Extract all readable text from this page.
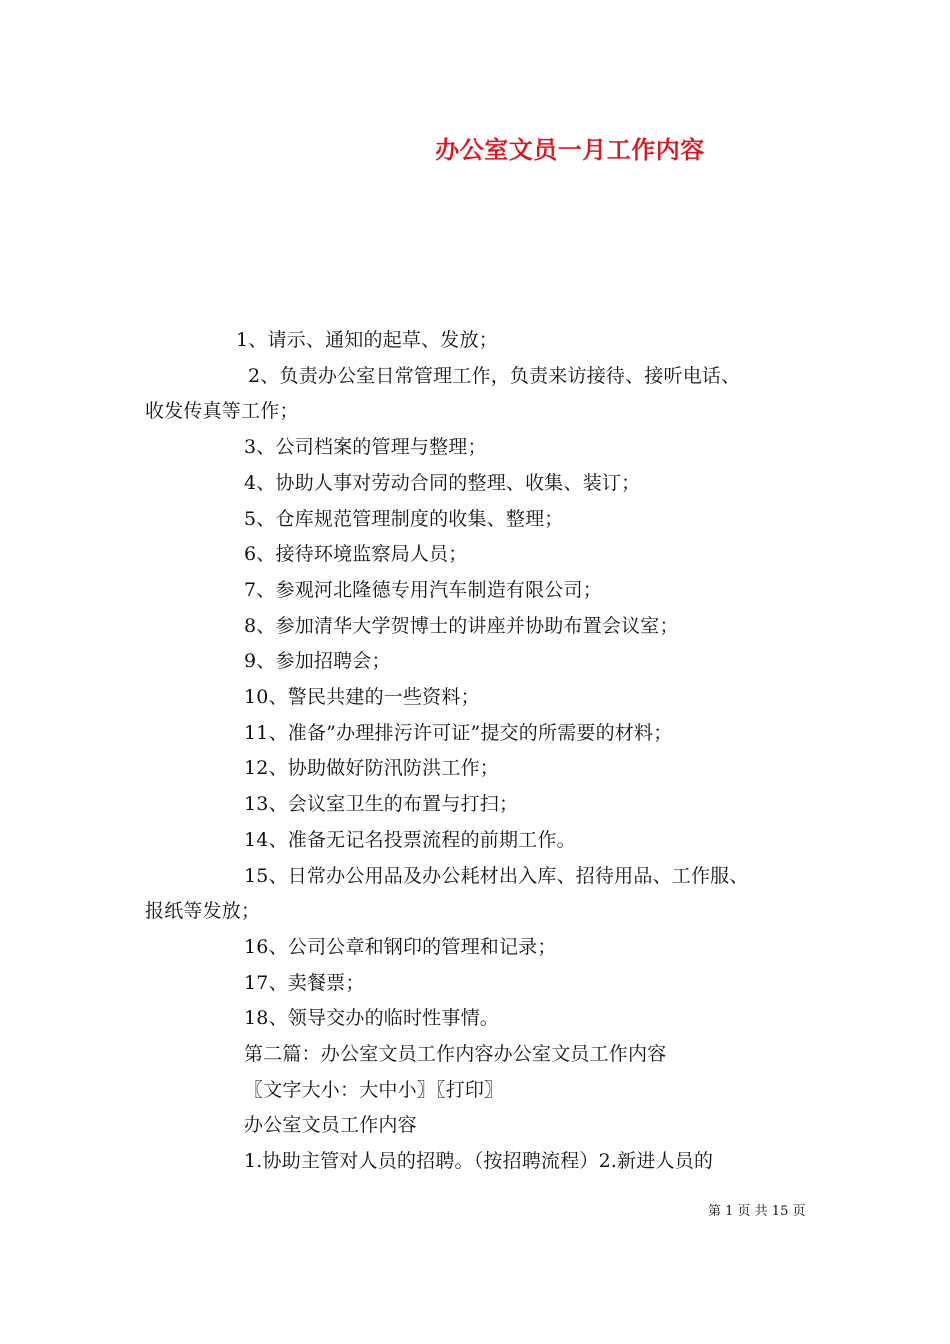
办公室文员一月工作内容
1、请示、通知的起草、发放；
2、负责办公室日常管理工作，负责来访接待、接听电话、
收发传真等工作；
3、公司档案的管理与整理；
4、协助人事对劳动合同的整理、收集、装订；
5、仓库规范管理制度的收集、整理；
6、接待环境监察局人员；
7、参观河北隆德专用汽车制造有限公司；
8、参加清华大学贺博士的讲座并协助布置会议室；
9、参加招聘会；
10、警民共建的一些资料；
11、准备”办理排污许可证”提交的所需要的材料；
12、协助做好防汛防洪工作；
13、会议室卫生的布置与打扫；
14、准备无记名投票流程的前期工作。
15、日常办公用品及办公耗材出入库、招待用品、工作服、
报纸等发放；
16、公司公章和钢印的管理和记录；
17、卖餐票；
18、领导交办的临时性事情。
第二篇：办公室文员工作内容办公室文员工作内容
〖文字大小：大中小〗〖打印〗
办公室文员工作内容
1.协助主管对人员的招聘。（按招聘流程）2.新进人员的
第 1 页 共 15 页
